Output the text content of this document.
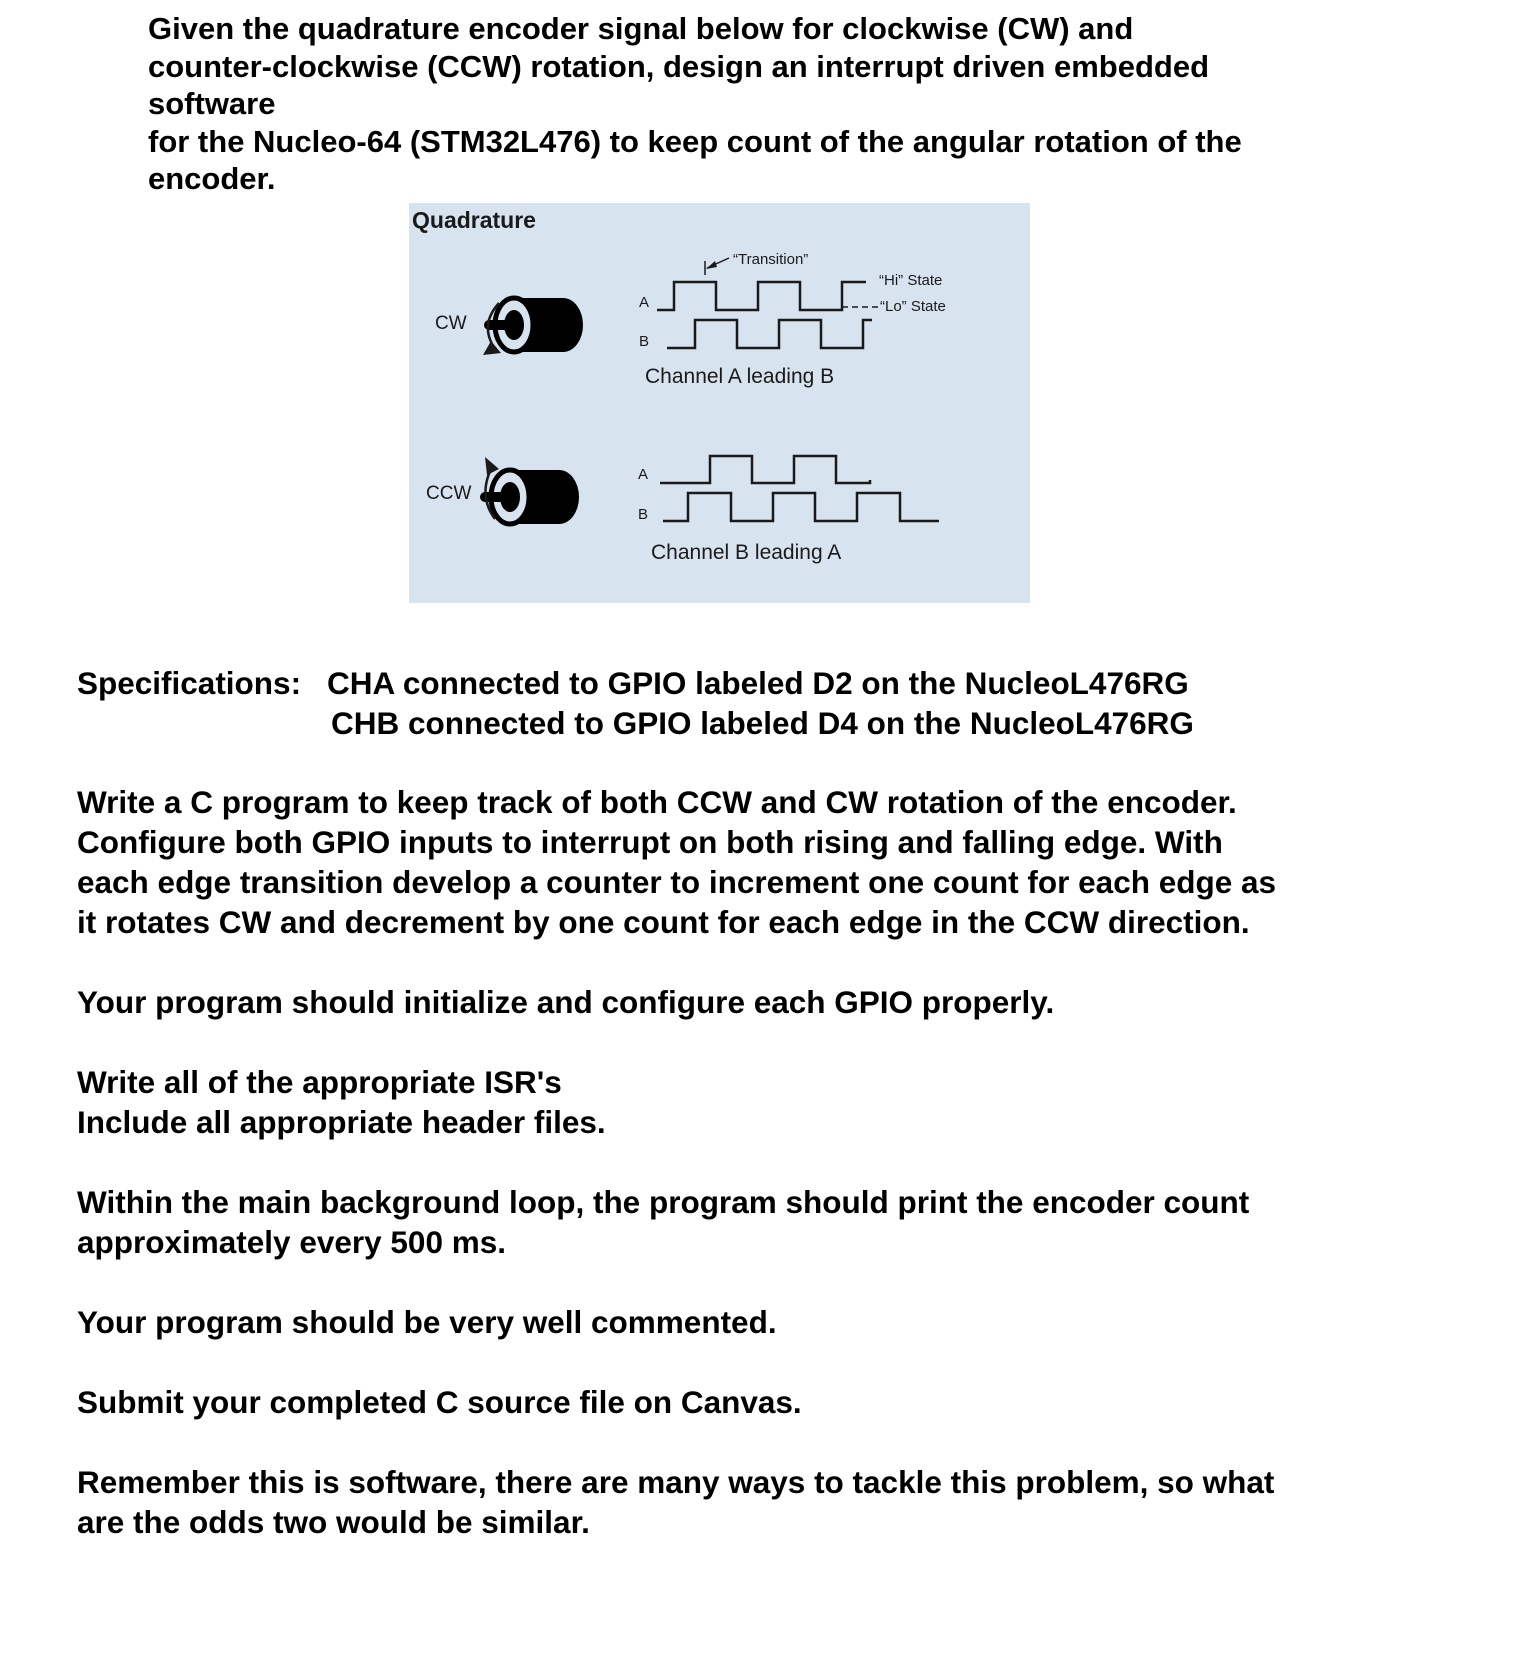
Given the quadrature encoder signal below for clockwise (CW) and

counter-clockwise (CCW) rotation, design an interrupt driven embedded

software

for the Nucleo-64 (STM32L476) to keep count of the angular rotation of the

encoder.

Quadrature
CW
A
B
“Transition”
“Hi” State
“Lo” State
Channel A leading B
CCW
A
B
Channel B leading A
Specifications: CHA connected to GPIO labeled D2 on the NucleoL476RG

CHB connected to GPIO labeled D4 on the NucleoL476RG

Write a C program to keep track of both CCW and CW rotation of the encoder.

Configure both GPIO inputs to interrupt on both rising and falling edge. With

each edge transition develop a counter to increment one count for each edge as

it rotates CW and decrement by one count for each edge in the CCW direction.

Your program should initialize and configure each GPIO properly.

Write all of the appropriate ISR's

Include all appropriate header files.

Within the main background loop, the program should print the encoder count

approximately every 500 ms.

Your program should be very well commented.

Submit your completed C source file on Canvas.

Remember this is software, there are many ways to tackle this problem, so what

are the odds two would be similar.
